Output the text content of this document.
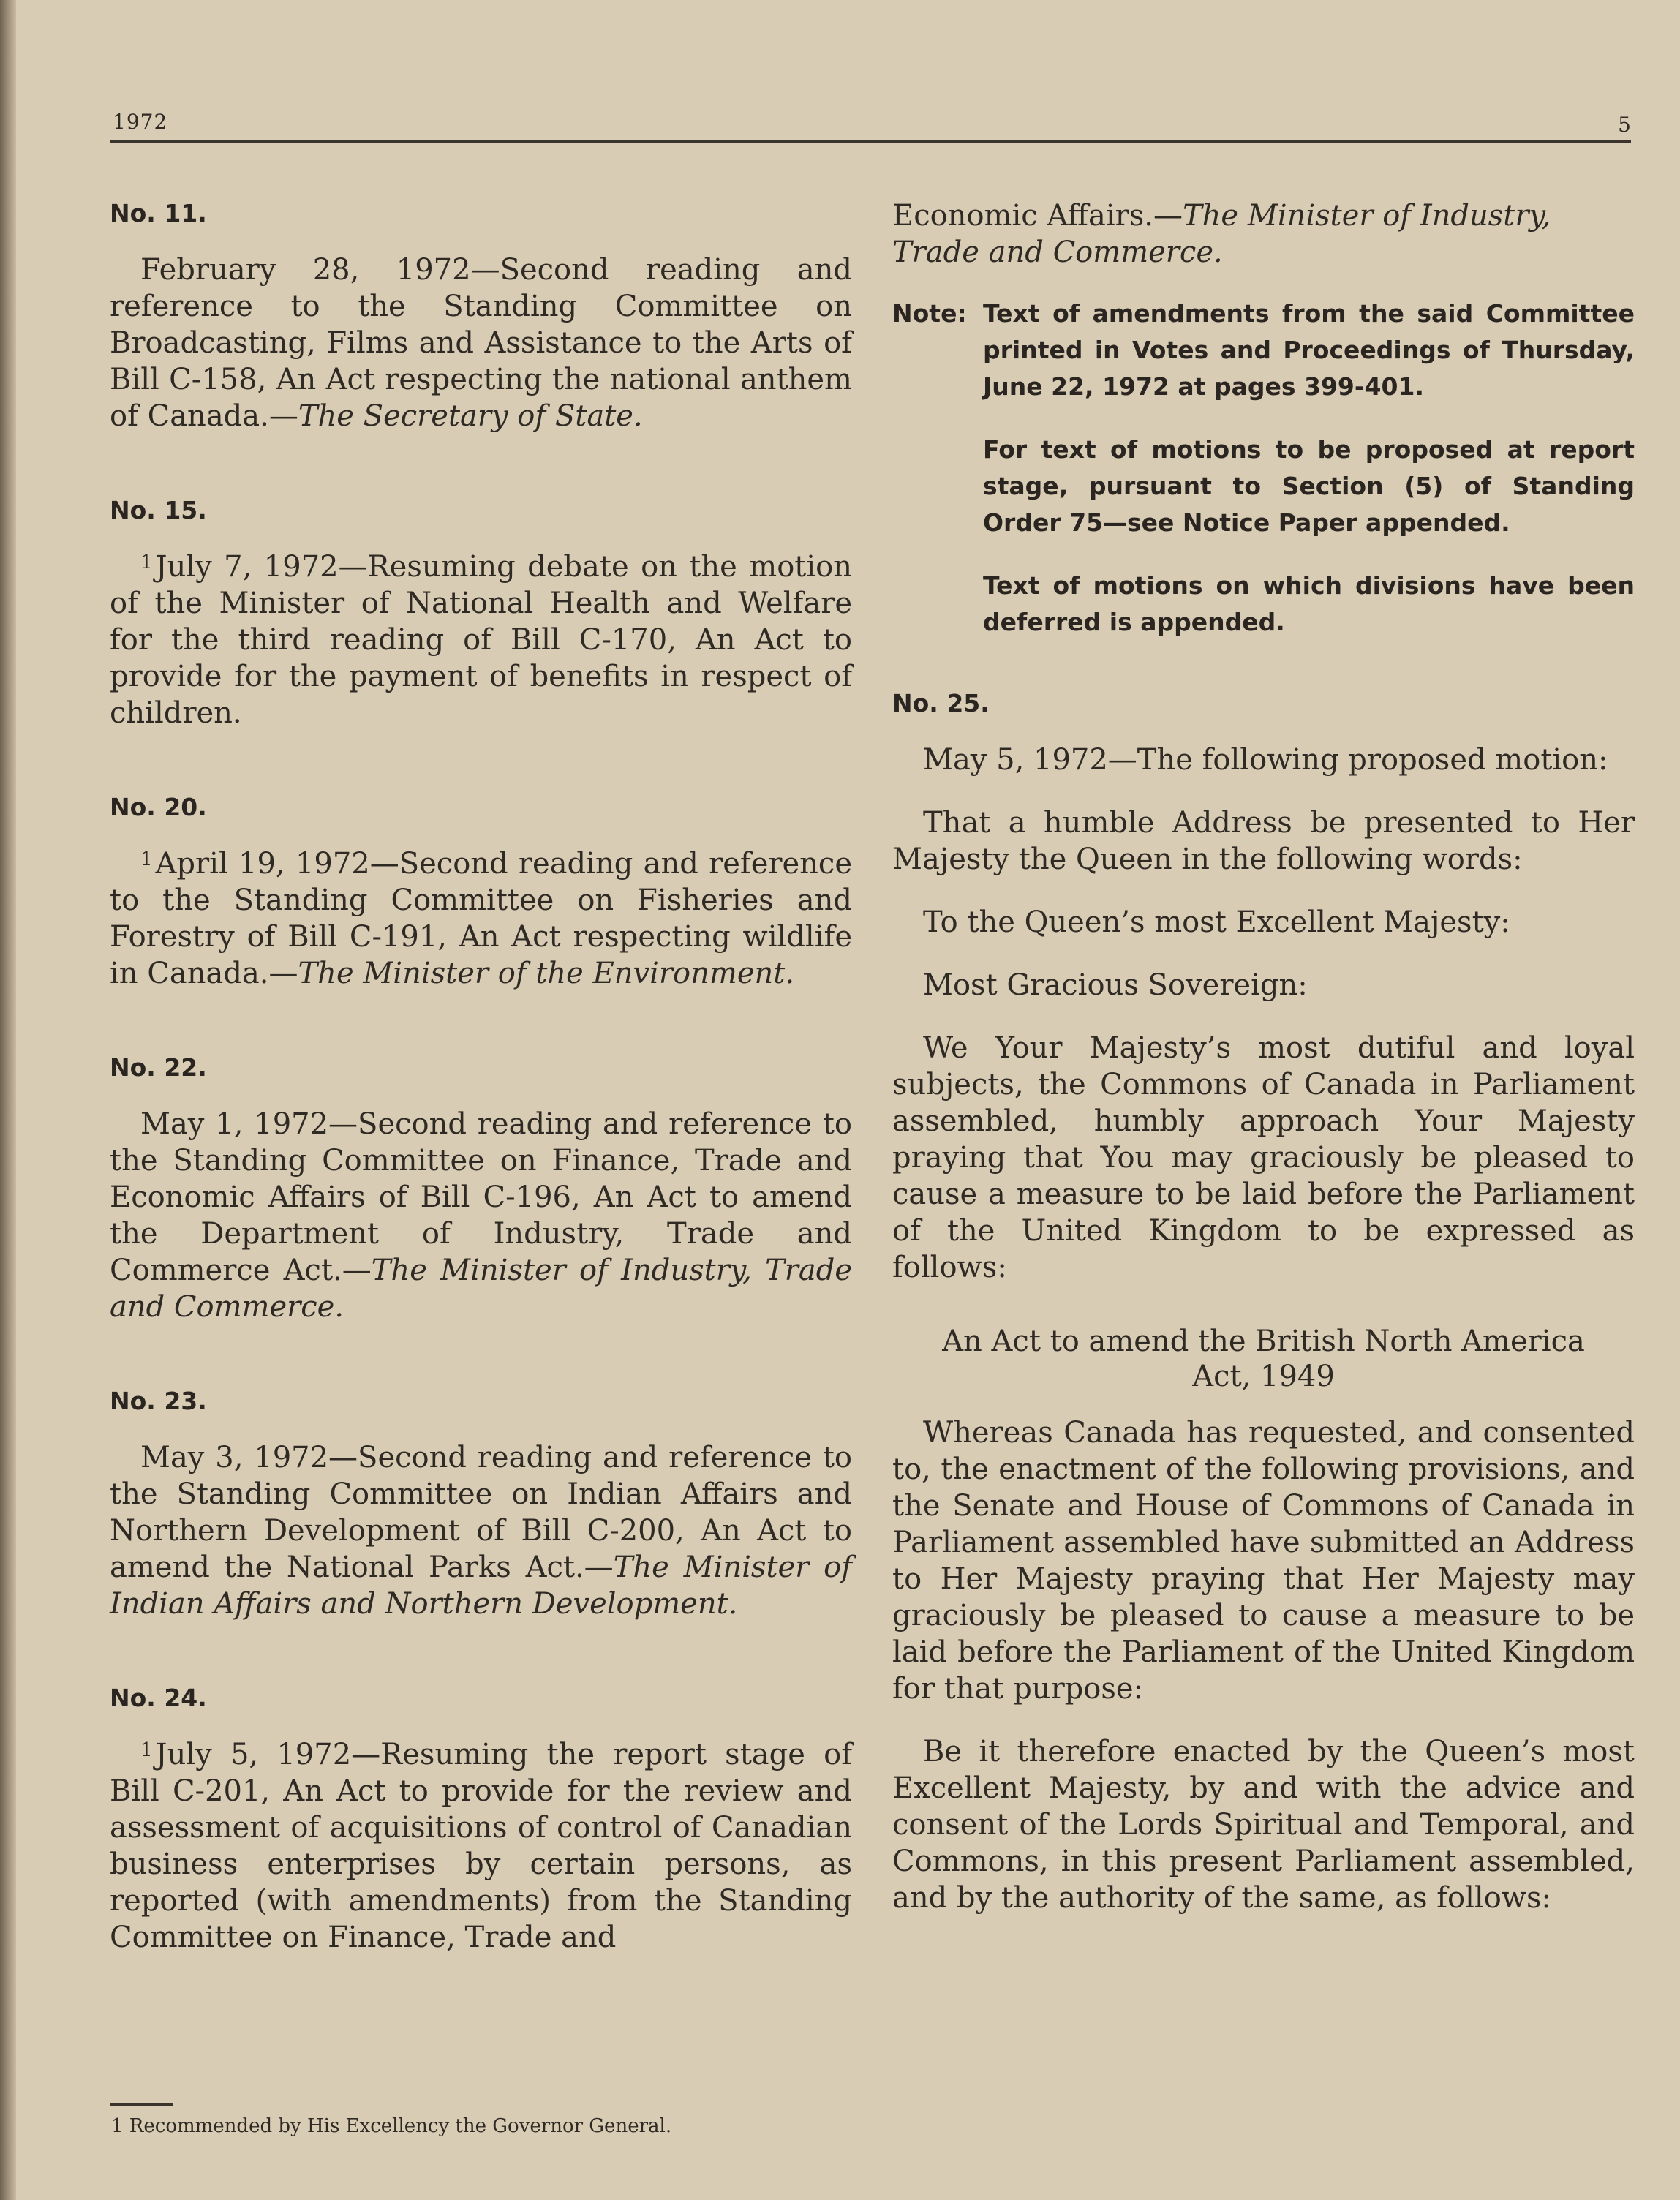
1972	5
No. 11.

February 28, 1972—Second reading and reference to the Standing Committee on Broadcasting, Films and Assistance to the Arts of Bill C-158, An Act respecting the national anthem of Canada.—The Secretary of State.

No. 15.

$^1$ July 7, 1972—Resuming debate on the motion of the Minister of National Health and Welfare for the third reading of Bill C-170, An Act to provide for the payment of benefits in respect of children.

No. 20.

$^1$ April 19, 1972—Second reading and reference to the Standing Committee on Fisheries and Forestry of Bill C-191, An Act respecting wildlife in Canada.—The Minister of the Environment.

No. 22.

May 1, 1972—Second reading and reference to the Standing Committee on Finance, Trade and Economic Affairs of Bill C-196, An Act to amend the Department of Industry, Trade and Commerce Act.—The Minister of Industry, Trade and Commerce.

No. 23.

May 3, 1972—Second reading and reference to the Standing Committee on Indian Affairs and Northern Development of Bill C-200, An Act to amend the National Parks Act.—The Minister of Indian Affairs and Northern Development.

No. 24.

$^1$ July 5, 1972—Resuming the report stage of Bill C-201, An Act to provide for the review and assessment of acquisitions of control of Canadian business enterprises by certain persons, as reported (with amendments) from the Standing Committee on Finance, Trade and

Economic Affairs.—The Minister of Industry, Trade and Commerce.

Note: Text of amendments from the said Committee printed in Votes and Proceedings of Thursday, June 22, 1972 at pages 399-401.

For text of motions to be proposed at report stage, pursuant to Section (5) of Standing Order 75—see Notice Paper appended.

Text of motions on which divisions have been deferred is appended.

No. 25.

May 5, 1972—The following proposed motion:

That a humble Address be presented to Her Majesty the Queen in the following words:

To the Queen’s most Excellent Majesty:

Most Gracious Sovereign:

We Your Majesty’s most dutiful and loyal subjects, the Commons of Canada in Parliament assembled, humbly approach Your Majesty praying that You may graciously be pleased to cause a measure to be laid before the Parliament of the United Kingdom to be expressed as follows:

An Act to amend the British North America
Act, 1949

Whereas Canada has requested, and consented to, the enactment of the following provisions, and the Senate and House of Commons of Canada in Parliament assembled have submitted an Address to Her Majesty praying that Her Majesty may graciously be pleased to cause a measure to be laid before the Parliament of the United Kingdom for that purpose:

Be it therefore enacted by the Queen’s most Excellent Majesty, by and with the advice and consent of the Lords Spiritual and Temporal, and Commons, in this present Parliament assembled, and by the authority of the same, as follows:

1 Recommended by His Excellency the Governor General.
